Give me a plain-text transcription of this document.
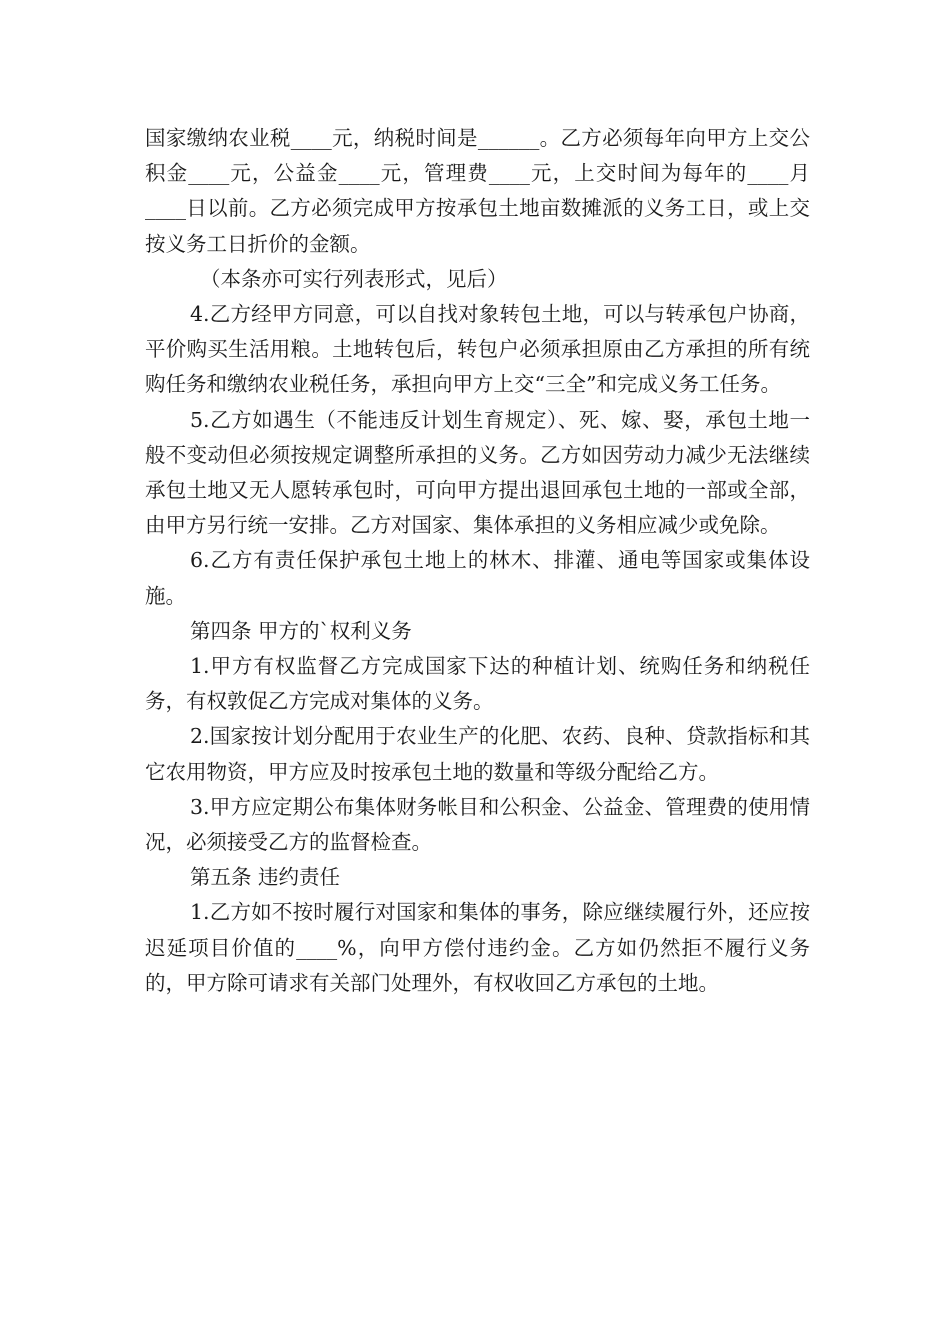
国家缴纳农业税____元，纳税时间是______。乙方必须每年向甲方上交公积金____元，公益金____元，管理费____元，上交时间为每年的____月____日以前。乙方必须完成甲方按承包土地亩数摊派的义务工日，或上交按义务工日折价的金额。

（本条亦可实行列表形式，见后）

4.乙方经甲方同意，可以自找对象转包土地，可以与转承包户协商，平价购买生活用粮。土地转包后，转包户必须承担原由乙方承担的所有统购任务和缴纳农业税任务，承担向甲方上交“三全”和完成义务工任务。

5.乙方如遇生（不能违反计划生育规定）、死、嫁、娶，承包土地一般不变动但必须按规定调整所承担的义务。乙方如因劳动力减少无法继续承包土地又无人愿转承包时，可向甲方提出退回承包土地的一部或全部，由甲方另行统一安排。乙方对国家、集体承担的义务相应减少或免除。

6.乙方有责任保护承包土地上的林木、排灌、通电等国家或集体设施。

第四条 甲方的`权利义务

1.甲方有权监督乙方完成国家下达的种植计划、统购任务和纳税任务，有权敦促乙方完成对集体的义务。

2.国家按计划分配用于农业生产的化肥、农药、良种、贷款指标和其它农用物资，甲方应及时按承包土地的数量和等级分配给乙方。

3.甲方应定期公布集体财务帐目和公积金、公益金、管理费的使用情况，必须接受乙方的监督检查。

第五条 违约责任

1.乙方如不按时履行对国家和集体的事务，除应继续履行外，还应按迟延项目价值的____%，向甲方偿付违约金。乙方如仍然拒不履行义务的，甲方除可请求有关部门处理外，有权收回乙方承包的土地。
